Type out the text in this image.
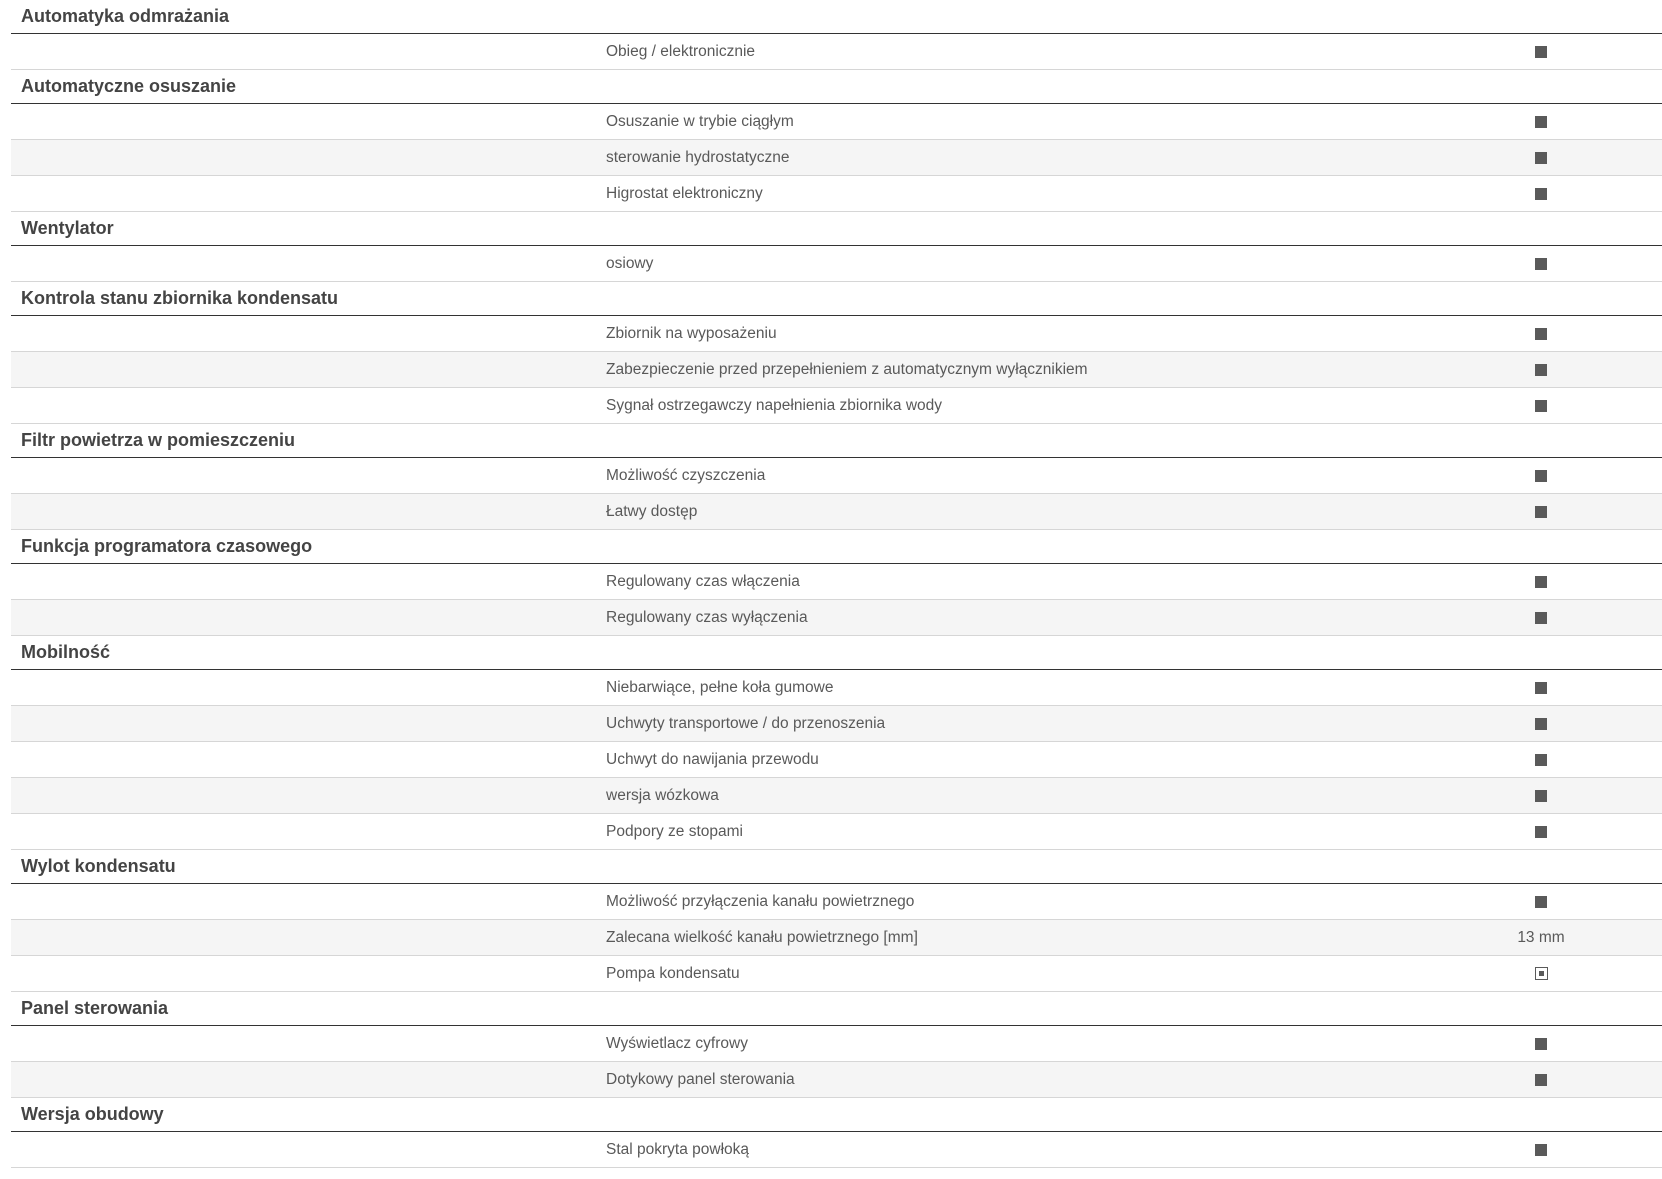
Automatyka odmrażania
Obieg / elektronicznie
Automatyczne osuszanie
Osuszanie w trybie ciągłym
sterowanie hydrostatyczne
Higrostat elektroniczny
Wentylator
osiowy
Kontrola stanu zbiornika kondensatu
Zbiornik na wyposażeniu
Zabezpieczenie przed przepełnieniem z automatycznym wyłącznikiem
Sygnał ostrzegawczy napełnienia zbiornika wody
Filtr powietrza w pomieszczeniu
Możliwość czyszczenia
Łatwy dostęp
Funkcja programatora czasowego
Regulowany czas włączenia
Regulowany czas wyłączenia
Mobilność
Niebarwiące, pełne koła gumowe
Uchwyty transportowe / do przenoszenia
Uchwyt do nawijania przewodu
wersja wózkowa
Podpory ze stopami
Wylot kondensatu
Możliwość przyłączenia kanału powietrznego
Zalecana wielkość kanału powietrznego [mm]	13 mm
Pompa kondensatu
Panel sterowania
Wyświetlacz cyfrowy
Dotykowy panel sterowania
Wersja obudowy
Stal pokryta powłoką
